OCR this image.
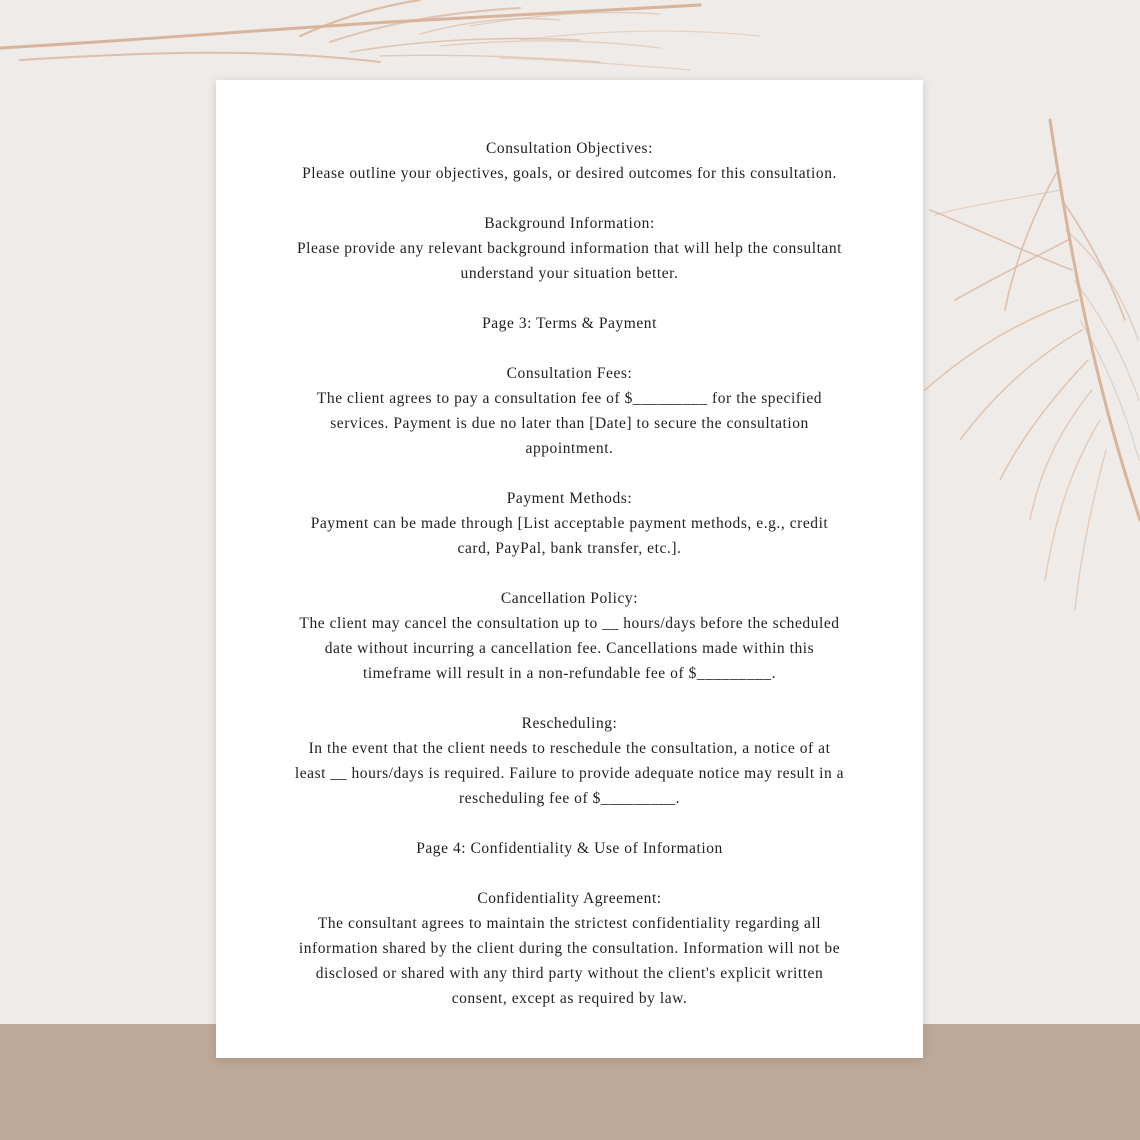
Consultation Objectives:
Please outline your objectives, goals, or desired outcomes for this consultation.
Background Information:
Please provide any relevant background information that will help the consultant
understand your situation better.
Page 3: Terms & Payment
Consultation Fees:
The client agrees to pay a consultation fee of $_________ for the specified
services. Payment is due no later than [Date] to secure the consultation
appointment.
Payment Methods:
Payment can be made through [List acceptable payment methods, e.g., credit
card, PayPal, bank transfer, etc.].
Cancellation Policy:
The client may cancel the consultation up to __ hours/days before the scheduled
date without incurring a cancellation fee. Cancellations made within this
timeframe will result in a non-refundable fee of $_________.
Rescheduling:
In the event that the client needs to reschedule the consultation, a notice of at
least __ hours/days is required. Failure to provide adequate notice may result in a
rescheduling fee of $_________.
Page 4: Confidentiality & Use of Information
Confidentiality Agreement:
The consultant agrees to maintain the strictest confidentiality regarding all
information shared by the client during the consultation. Information will not be
disclosed or shared with any third party without the client's explicit written
consent, except as required by law.
